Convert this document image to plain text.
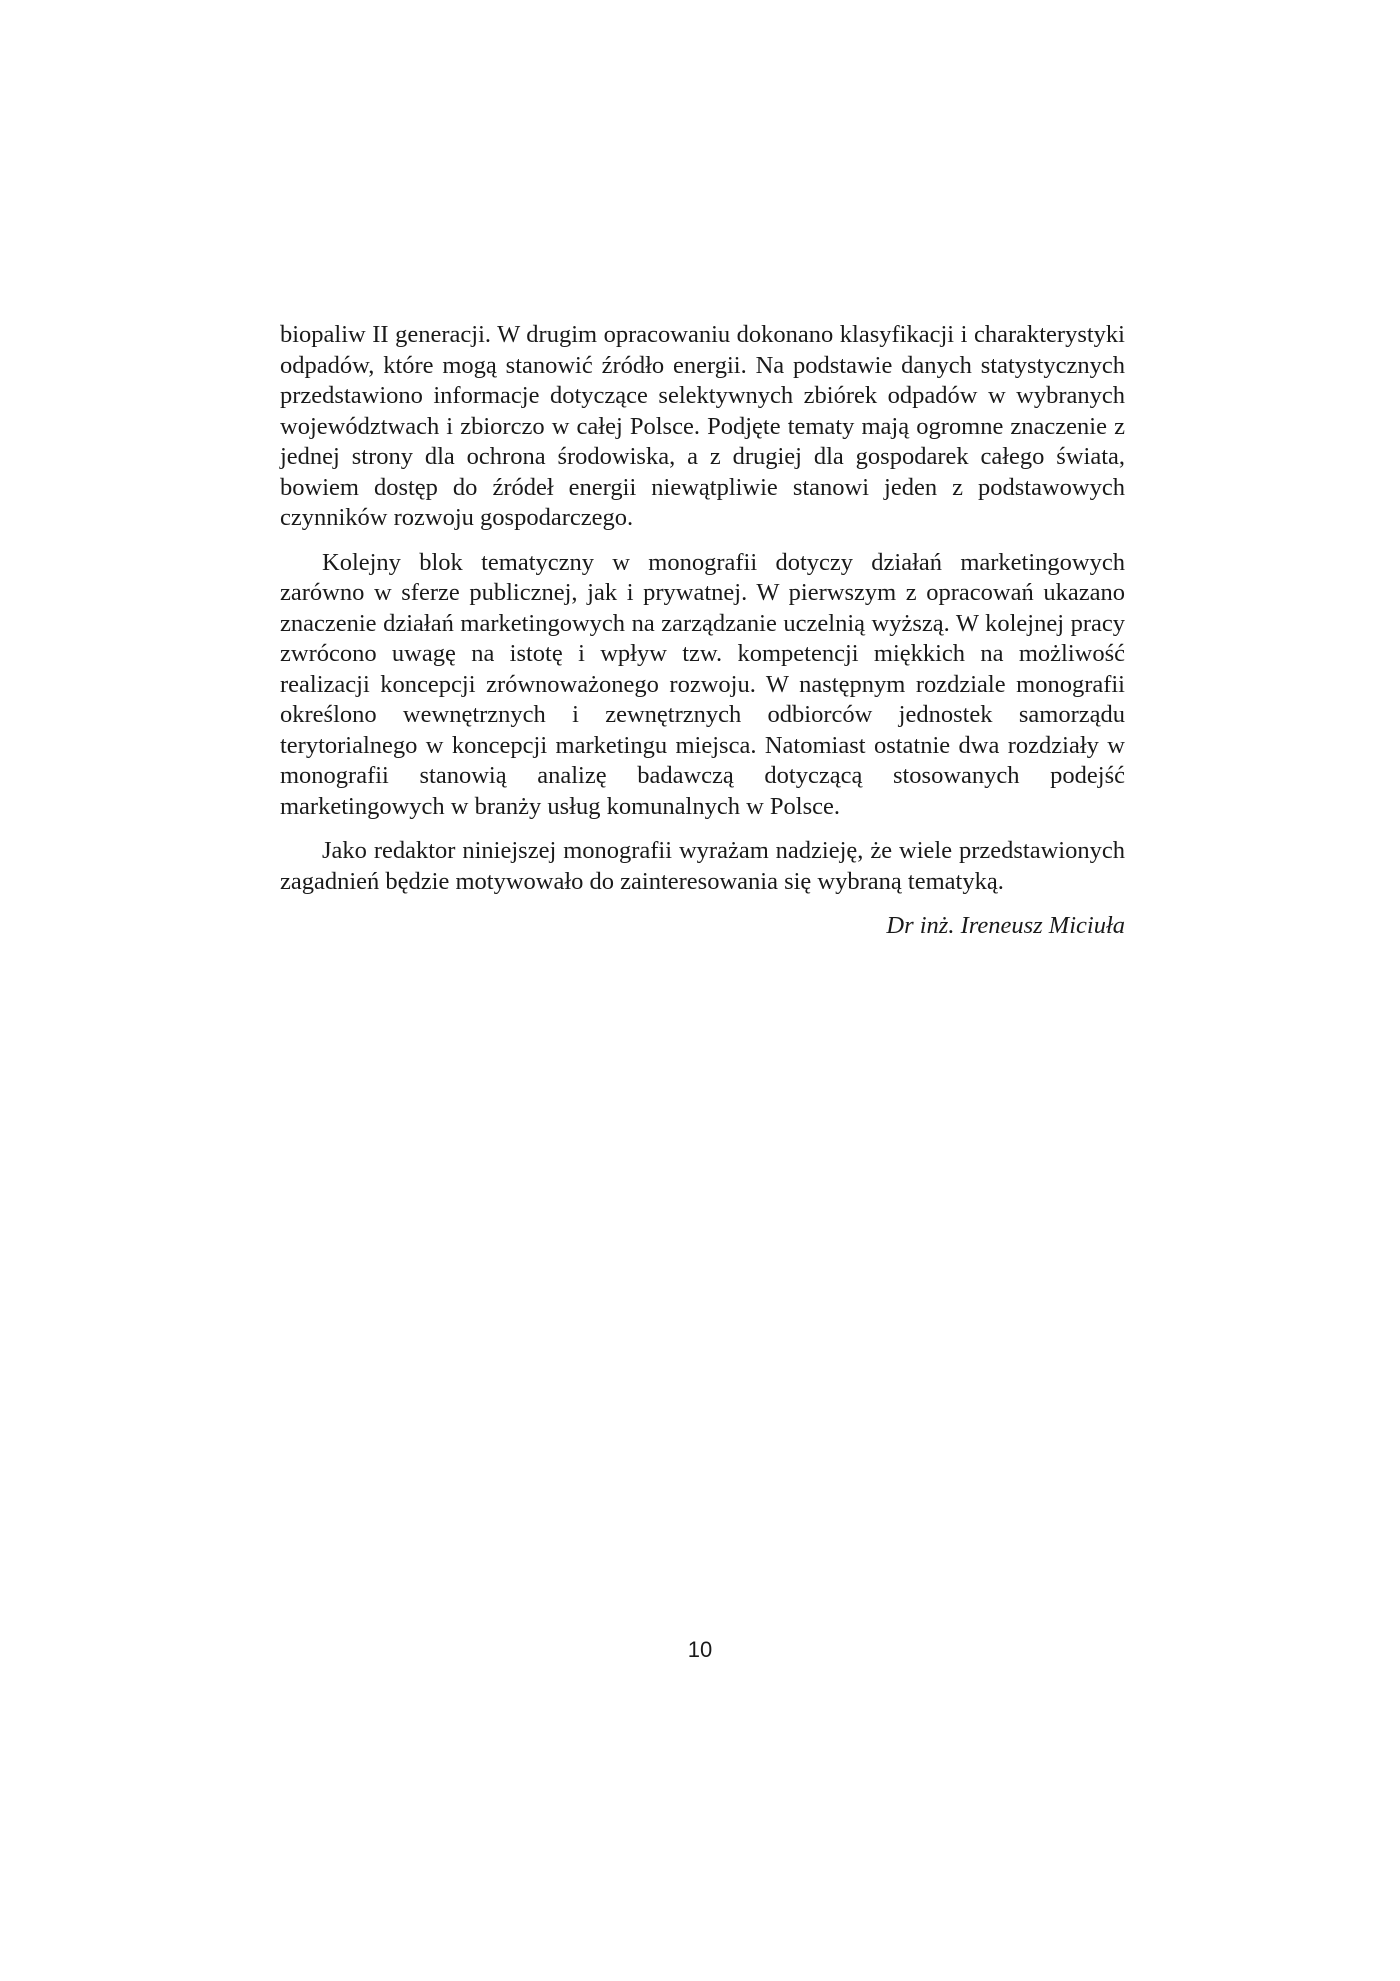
biopaliw II generacji. W drugim opracowaniu dokonano klasyfikacji i charakterystyki odpadów, które mogą stanowić źródło energii. Na podstawie danych statystycznych przedstawiono informacje dotyczące selektywnych zbiórek odpadów w wybranych województwach i zbiorczo w całej Polsce. Podjęte tematy mają ogromne znaczenie z jednej strony dla ochrona środowiska, a z drugiej dla gospodarek całego świata, bowiem dostęp do źródeł energii niewątpliwie stanowi jeden z podstawowych czynników rozwoju gospodarczego.

Kolejny blok tematyczny w monografii dotyczy działań marketingowych zarówno w sferze publicznej, jak i prywatnej. W pierwszym z opracowań ukazano znaczenie działań marketingowych na zarządzanie uczelnią wyższą. W kolejnej pracy zwrócono uwagę na istotę i wpływ tzw. kompetencji miękkich na możliwość realizacji koncepcji zrównoważonego rozwoju. W następnym rozdziale monografii określono wewnętrznych i zewnętrznych odbiorców jednostek samorządu terytorialnego w koncepcji marketingu miejsca. Natomiast ostatnie dwa rozdziały w monografii stanowią analizę badawczą dotyczącą stosowanych podejść marketingowych w branży usług komunalnych w Polsce.

Jako redaktor niniejszej monografii wyrażam nadzieję, że wiele przedstawionych zagadnień będzie motywowało do zainteresowania się wybraną tematyką.

Dr inż. Ireneusz Miciuła

10
